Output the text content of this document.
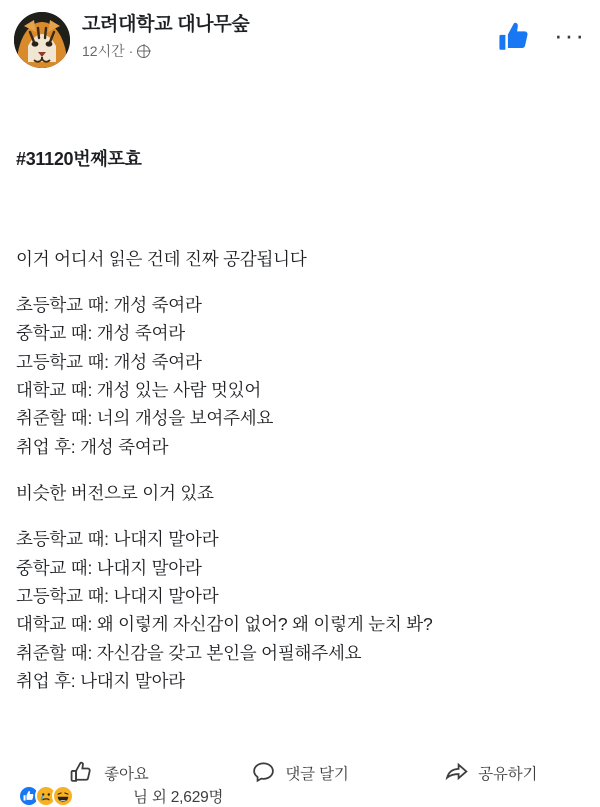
고려대학교 대나무숲
12시간 ·
···

#31120번째포효

이거 어디서 읽은 건데 진짜 공감됩니다
초등학교 때: 개성 죽여라
중학교 때: 개성 죽여라
고등학교 때: 개성 죽여라
대학교 때: 개성 있는 사람 멋있어
취준할 때: 너의 개성을 보여주세요
취업 후: 개성 죽여라
비슷한 버전으로 이거 있죠
초등학교 때: 나대지 말아라
중학교 때: 나대지 말아라
고등학교 때: 나대지 말아라
대학교 때: 왜 이렇게 자신감이 없어? 왜 이렇게 눈치 봐?
취준할 때: 자신감을 갖고 본인을 어필해주세요
취업 후: 나대지 말아라

좋아요	댓글 달기	공유하기
님 외 2,629명
